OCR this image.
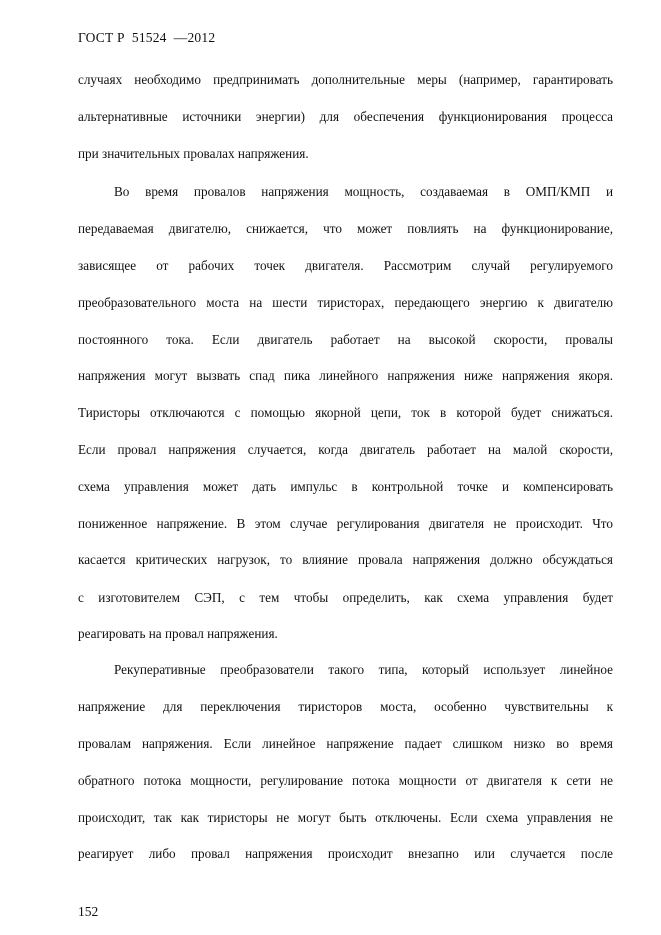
ГОСТ Р  51524  —2012
случаях необходимо предпринимать дополнительные меры (например, гарантировать
альтернативные источники энергии) для обеспечения функционирования процесса
при значительных провалах напряжения.
Во время провалов напряжения мощность, создаваемая в ОМП/КМП и
передаваемая двигателю, снижается, что может повлиять на функционирование,
зависящее от рабочих точек двигателя. Рассмотрим случай регулируемого
преобразовательного моста на шести тиристорах, передающего энергию к двигателю
постоянного тока. Если двигатель работает на высокой скорости, провалы
напряжения могут вызвать спад пика линейного напряжения ниже напряжения якоря.
Тиристоры отключаются с помощью якорной цепи, ток в которой будет снижаться.
Если провал напряжения случается, когда двигатель работает на малой скорости,
схема управления может дать импульс в контрольной точке и компенсировать
пониженное напряжение. В этом случае регулирования двигателя не происходит. Что
касается критических нагрузок, то влияние провала напряжения должно обсуждаться
с изготовителем СЭП, с тем чтобы определить, как схема управления будет
реагировать на провал напряжения.
Рекуперативные преобразователи такого типа, который использует линейное
напряжение для переключения тиристоров моста, особенно чувствительны к
провалам напряжения. Если линейное напряжение падает слишком низко во время
обратного потока мощности, регулирование потока мощности от двигателя к сети не
происходит, так как тиристоры не могут быть отключены. Если схема управления не
реагирует либо провал напряжения происходит внезапно или случается после
152
